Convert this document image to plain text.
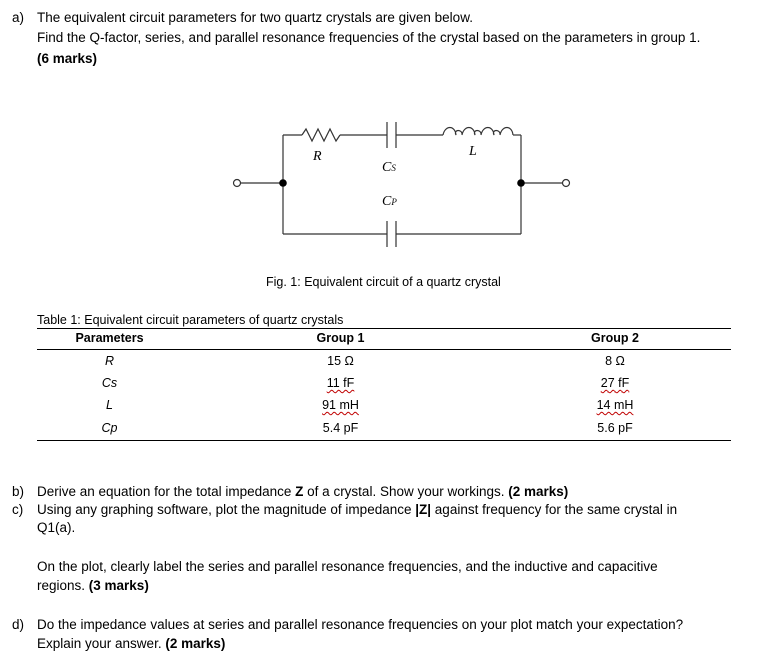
a) The equivalent circuit parameters for two quartz crystals are given below.
Find the Q-factor, series, and parallel resonance frequencies of the crystal based on the parameters in group 1.
(6 marks)
R	L
CS
CP
Fig. 1: Equivalent circuit of a quartz crystal
Table 1: Equivalent circuit parameters of quartz crystals
Parameters	Group 1	Group 2
R	15 Ω	8 Ω
Cs	11 fF	27 fF
L	91 mH	14 mH
Cp	5.4 pF	5.6 pF
b) Derive an equation for the total impedance Z of a crystal. Show your workings. (2 marks)
c) Using any graphing software, plot the magnitude of impedance |Z| against frequency for the same crystal in
Q1(a).
On the plot, clearly label the series and parallel resonance frequencies, and the inductive and capacitive
regions. (3 marks)
d) Do the impedance values at series and parallel resonance frequencies on your plot match your expectation?
Explain your answer. (2 marks)
